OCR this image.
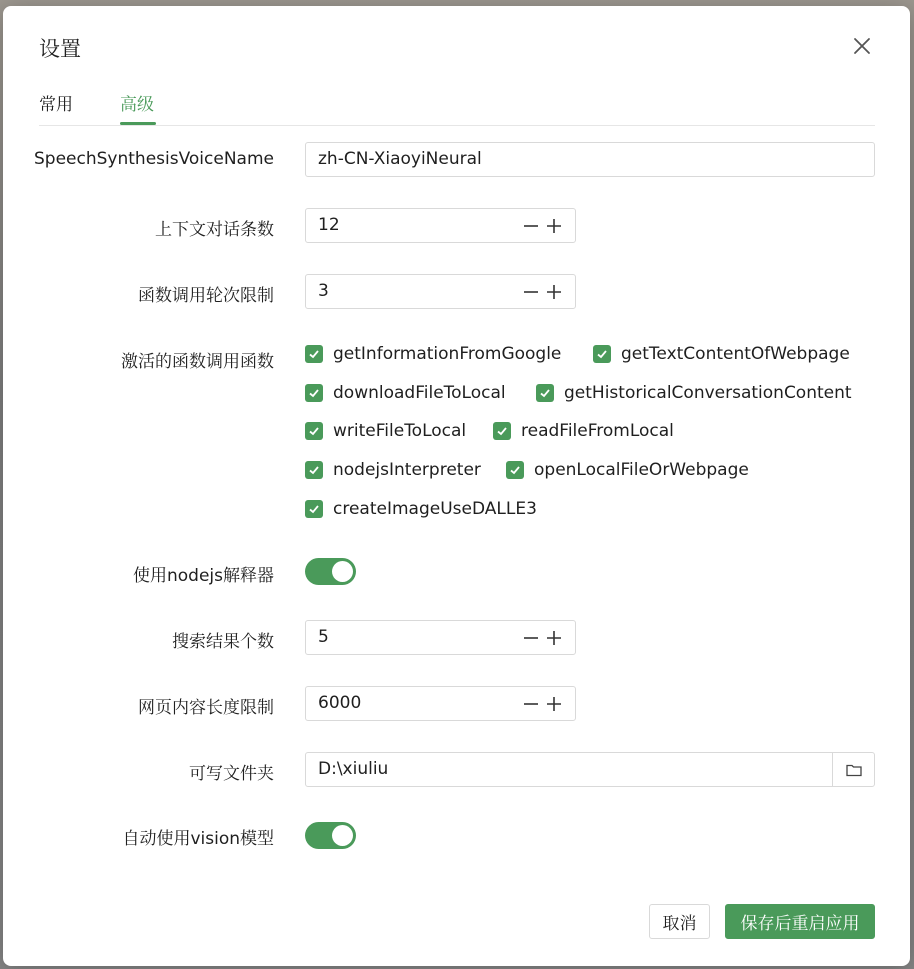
设置
常用	高级
SpeechSynthesisVoiceName	zh-CN-XiaoyiNeural
上下文对话条数	12
函数调用轮次限制	3
激活的函数调用函数	getInformationFromGoogle	getTextContentOfWebpage
downloadFileToLocal	getHistoricalConversationContent
writeFileToLocal	readFileFromLocal
nodejsInterpreter	openLocalFileOrWebpage
createImageUseDALLE3
使用nodejs解释器
搜索结果个数	5
网页内容长度限制	6000
可写文件夹	D:\xiuliu
自动使用vision模型
取消	保存后重启应用
